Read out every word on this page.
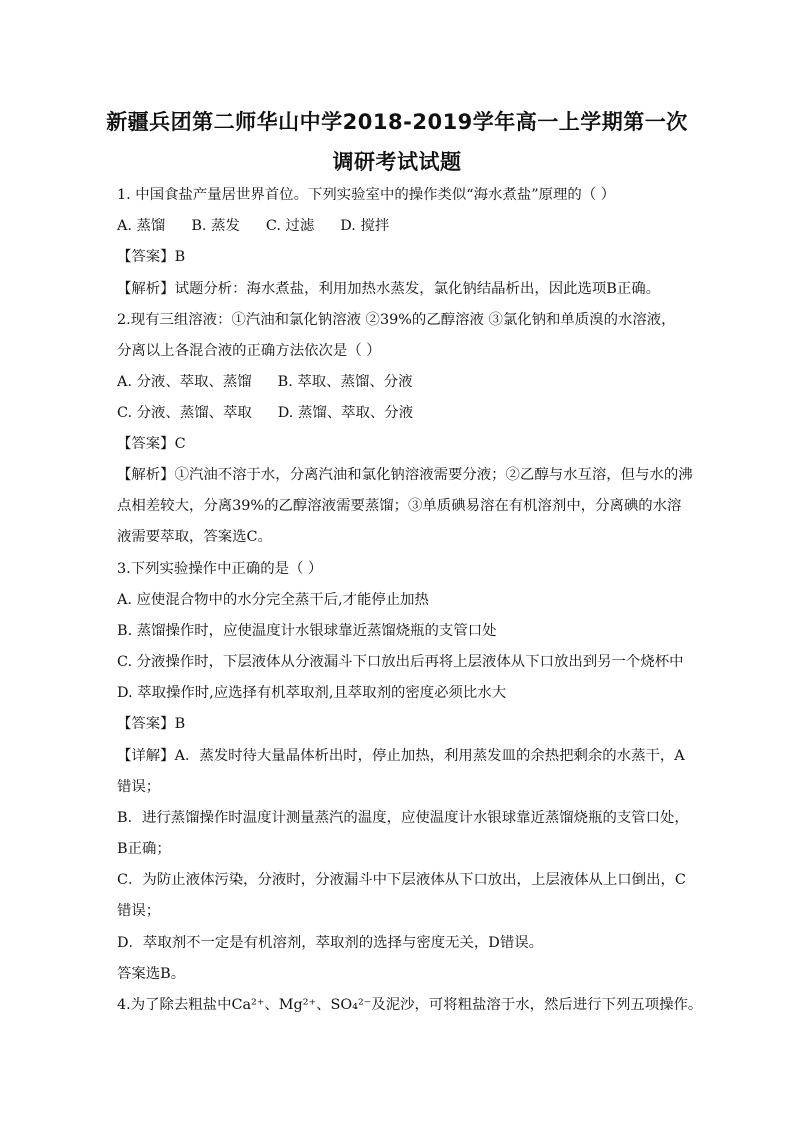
新疆兵团第二师华山中学2018-2019学年高一上学期第一次
调研考试试题
1. 中国食盐产量居世界首位。下列实验室中的操作类似“海水煮盐”原理的（ ）
A. 蒸馏 B. 蒸发 C. 过滤 D. 搅拌
【答案】B
【解析】试题分析：海水煮盐，利用加热水蒸发，氯化钠结晶析出，因此选项B正确。
2.现有三组溶液：①汽油和氯化钠溶液 ②39%的乙醇溶液 ③氯化钠和单质溴的水溶液，
分离以上各混合液的正确方法依次是（ ）
A. 分液、萃取、蒸馏 B. 萃取、蒸馏、分液
C. 分液、蒸馏、萃取 D. 蒸馏、萃取、分液
【答案】C
【解析】①汽油不溶于水，分离汽油和氯化钠溶液需要分液；②乙醇与水互溶，但与水的沸
点相差较大，分离39%的乙醇溶液需要蒸馏；③单质碘易溶在有机溶剂中，分离碘的水溶
液需要萃取，答案选C。
3.下列实验操作中正确的是（ ）
A. 应使混合物中的水分完全蒸干后,才能停止加热
B. 蒸馏操作时，应使温度计水银球靠近蒸馏烧瓶的支管口处
C. 分液操作时，下层液体从分液漏斗下口放出后再将上层液体从下口放出到另一个烧杯中
D. 萃取操作时,应选择有机萃取剂,且萃取剂的密度必须比水大
【答案】B
【详解】A．蒸发时待大量晶体析出时，停止加热，利用蒸发皿的余热把剩余的水蒸干，A
错误；
B．进行蒸馏操作时温度计测量蒸汽的温度，应使温度计水银球靠近蒸馏烧瓶的支管口处，
B正确；
C．为防止液体污染，分液时，分液漏斗中下层液体从下口放出，上层液体从上口倒出，C
错误；
D．萃取剂不一定是有机溶剂，萃取剂的选择与密度无关，D错误。
答案选B。
4.为了除去粗盐中Ca²⁺、Mg²⁺、SO₄²⁻及泥沙，可将粗盐溶于水，然后进行下列五项操作。
